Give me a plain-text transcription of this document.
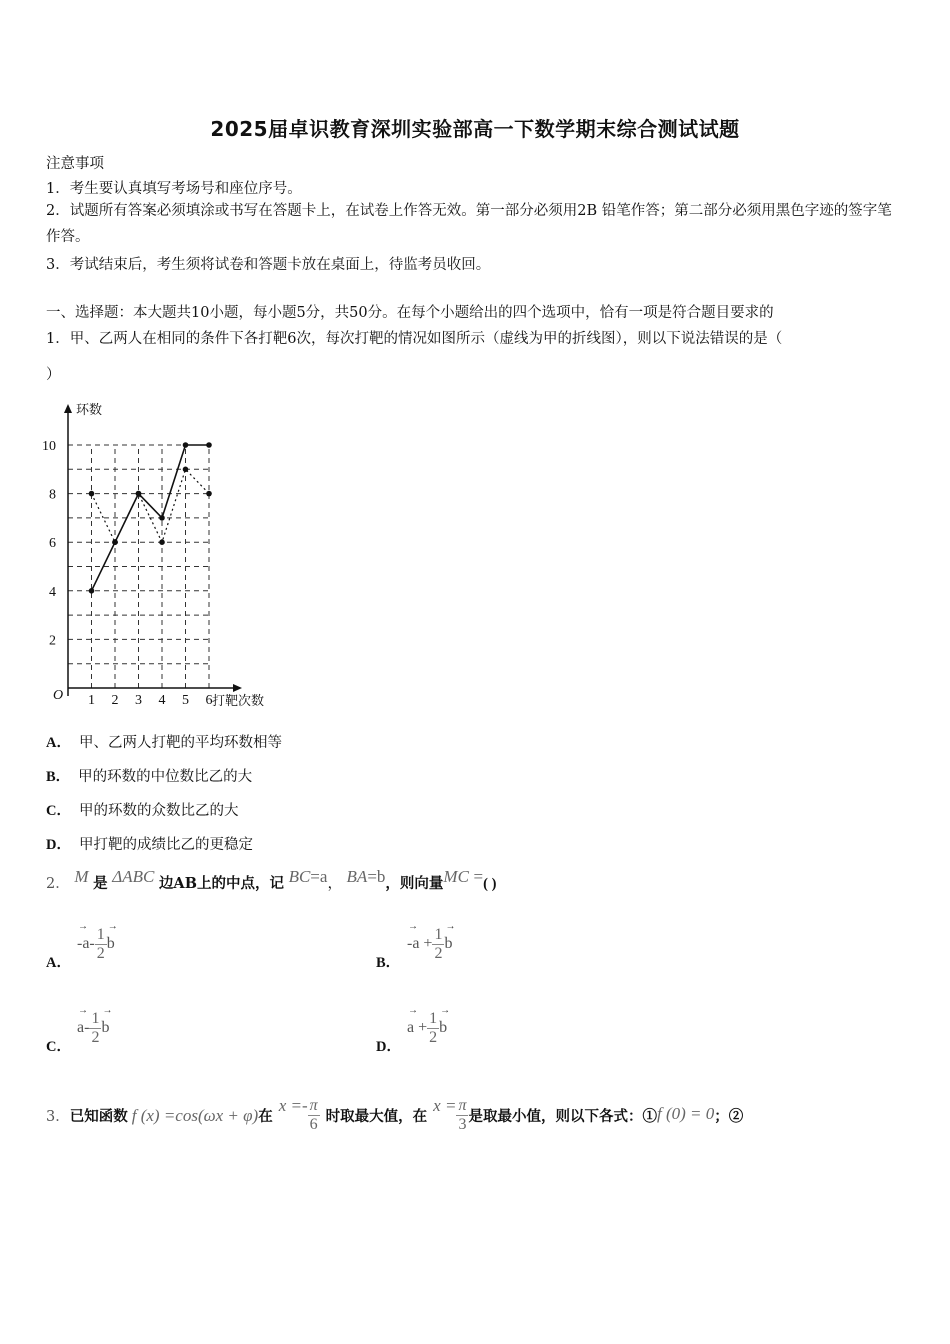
2025届卓识教育深圳实验部高一下数学期末综合测试试题
注意事项
1．考生要认真填写考场号和座位序号。
2．试题所有答案必须填涂或书写在答题卡上，在试卷上作答无效。第一部分必须用2B 铅笔作答；第二部分必须用黑色字迹的签字笔作答。
3．考试结束后，考生须将试卷和答题卡放在桌面上，待监考员收回。
一、选择题：本大题共10小题，每小题5分，共50分。在每个小题给出的四个选项中，恰有一项是符合题目要求的
1．甲、乙两人在相同的条件下各打靶6次，每次打靶的情况如图所示（虚线为甲的折线图），则以下说法错误的是（
）
环数
打靶次数
O
2
4
6
8
10
1 2 3 4 5 6
A． 甲、乙两人打靶的平均环数相等
B． 甲的环数的中位数比乙的大
C． 甲的环数的众数比乙的大
D． 甲打靶的成绩比乙的更稳定
2． M 是 ΔABC 边AB上的中点，记 BC=a， BA=b，则向量MC =( )
A．
→
$-a- \frac{1}{2}$ →
b
B．
→
$-a + \frac{1}{2}$ →
b
C．
→
$a- \frac{1}{2}$ →
b
D．
→
$a + \frac{1}{2}$ →
b
3． 已知函数 f (x) =cos(ωx + φ) 在
$x =- \frac{\pi}{6}$ 时取最大值，在
$x = \frac{\pi}{3}$ 是取最小值，则以下各式：① f (0) = 0 ；②
